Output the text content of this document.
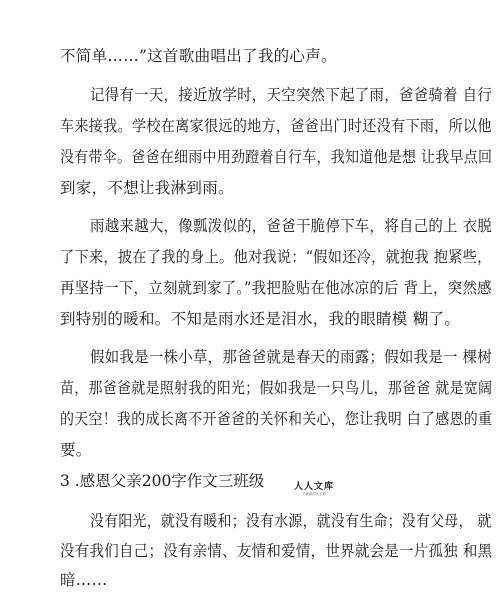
不简单……”这首歌曲唱出了我的心声。
记得有一天，接近放学时，天空突然下起了雨，爸爸骑着 自行
车来接我。学校在离家很远的地方，爸爸出门时还没有下雨，所以他
没有带伞。爸爸在细雨中用劲蹬着自行车，我知道他是想 让我早点回
到家，不想让我淋到雨。
雨越来越大，像瓢泼似的，爸爸干脆停下车，将自己的上 衣脱
了下来，披在了我的身上。他对我说：“假如还冷，就抱我 抱紧些，
再坚持一下，立刻就到家了。”我把脸贴在他冰凉的后 背上，突然感
到特别的暖和。不知是雨水还是泪水，我的眼睛模 糊了。
假如我是一株小草，那爸爸就是春天的雨露；假如我是一 棵树
苗，那爸爸就是照射我的阳光；假如我是一只鸟儿，那爸爸 就是宽阔
的天空！我的成长离不开爸爸的关怀和关心，您让我明 白了感恩的重
3 .感恩父亲200字作文三班级	人人文库
下载高清无水印
没有阳光，就没有暖和；没有水源，就没有生命；没有父母， 就
没有我们自己；没有亲情、友情和爱情，世界就会是一片孤独 和黑
暗……
要。
